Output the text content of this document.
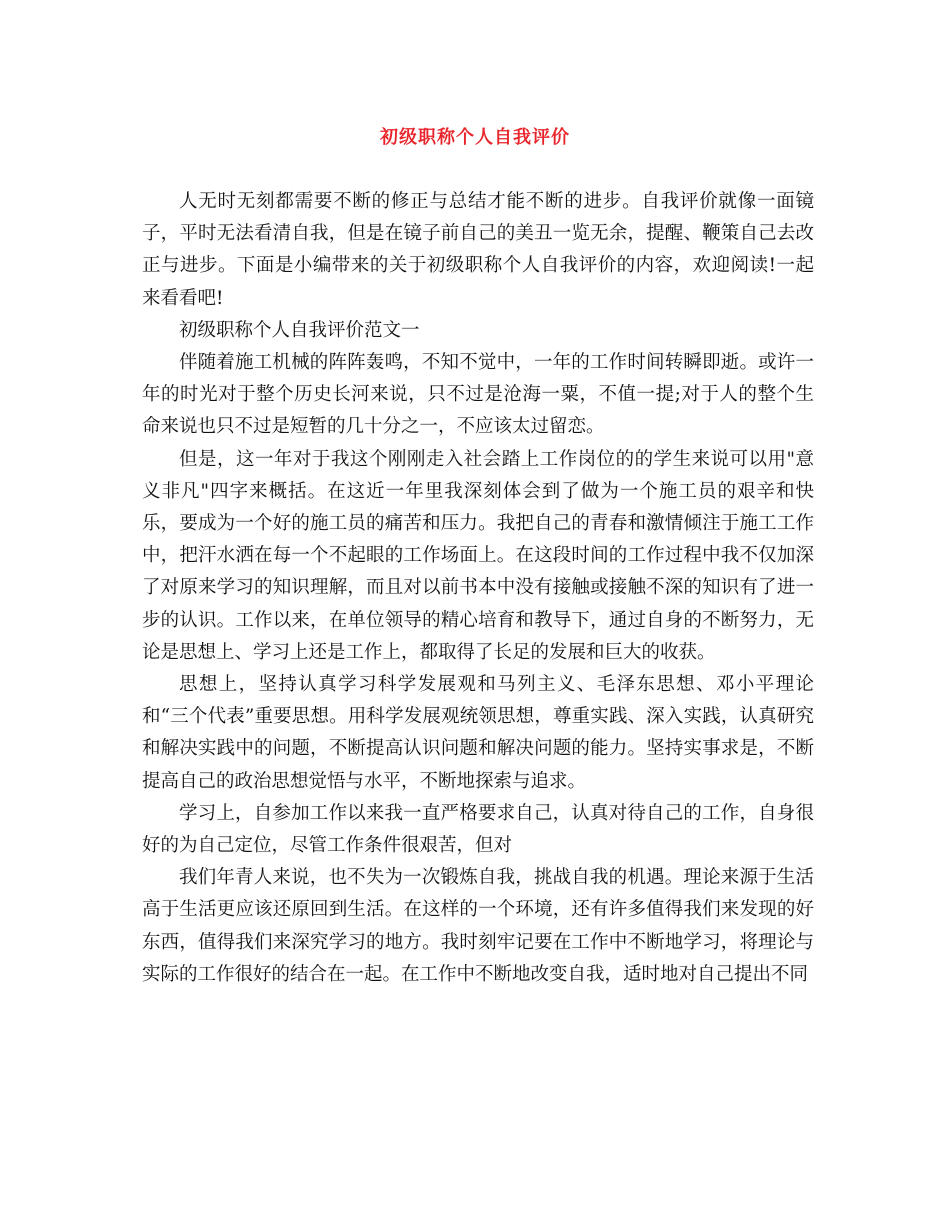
初级职称个人自我评价

人无时无刻都需要不断的修正与总结才能不断的进步。自我评价就像一面镜子，平时无法看清自我，但是在镜子前自己的美丑一览无余，提醒、鞭策自己去改正与进步。下面是小编带来的关于初级职称个人自我评价的内容，欢迎阅读!一起来看看吧!

初级职称个人自我评价范文一

伴随着施工机械的阵阵轰鸣，不知不觉中，一年的工作时间转瞬即逝。或许一年的时光对于整个历史长河来说，只不过是沧海一粟，不值一提;对于人的整个生命来说也只不过是短暂的几十分之一，不应该太过留恋。

但是，这一年对于我这个刚刚走入社会踏上工作岗位的的学生来说可以用"意义非凡"四字来概括。在这近一年里我深刻体会到了做为一个施工员的艰辛和快乐，要成为一个好的施工员的痛苦和压力。我把自己的青春和激情倾注于施工工作中，把汗水洒在每一个不起眼的工作场面上。在这段时间的工作过程中我不仅加深了对原来学习的知识理解，而且对以前书本中没有接触或接触不深的知识有了进一步的认识。工作以来，在单位领导的精心培育和教导下，通过自身的不断努力，无论是思想上、学习上还是工作上，都取得了长足的发展和巨大的收获。

思想上，坚持认真学习科学发展观和马列主义、毛泽东思想、邓小平理论和“三个代表”重要思想。用科学发展观统领思想，尊重实践、深入实践，认真研究和解决实践中的问题，不断提高认识问题和解决问题的能力。坚持实事求是，不断提高自己的政治思想觉悟与水平，不断地探索与追求。

学习上，自参加工作以来我一直严格要求自己，认真对待自己的工作，自身很好的为自己定位，尽管工作条件很艰苦，但对

我们年青人来说，也不失为一次锻炼自我，挑战自我的机遇。理论来源于生活高于生活更应该还原回到生活。在这样的一个环境，还有许多值得我们来发现的好东西，值得我们来深究学习的地方。我时刻牢记要在工作中不断地学习，将理论与实际的工作很好的结合在一起。在工作中不断地改变自我，适时地对自己提出不同
